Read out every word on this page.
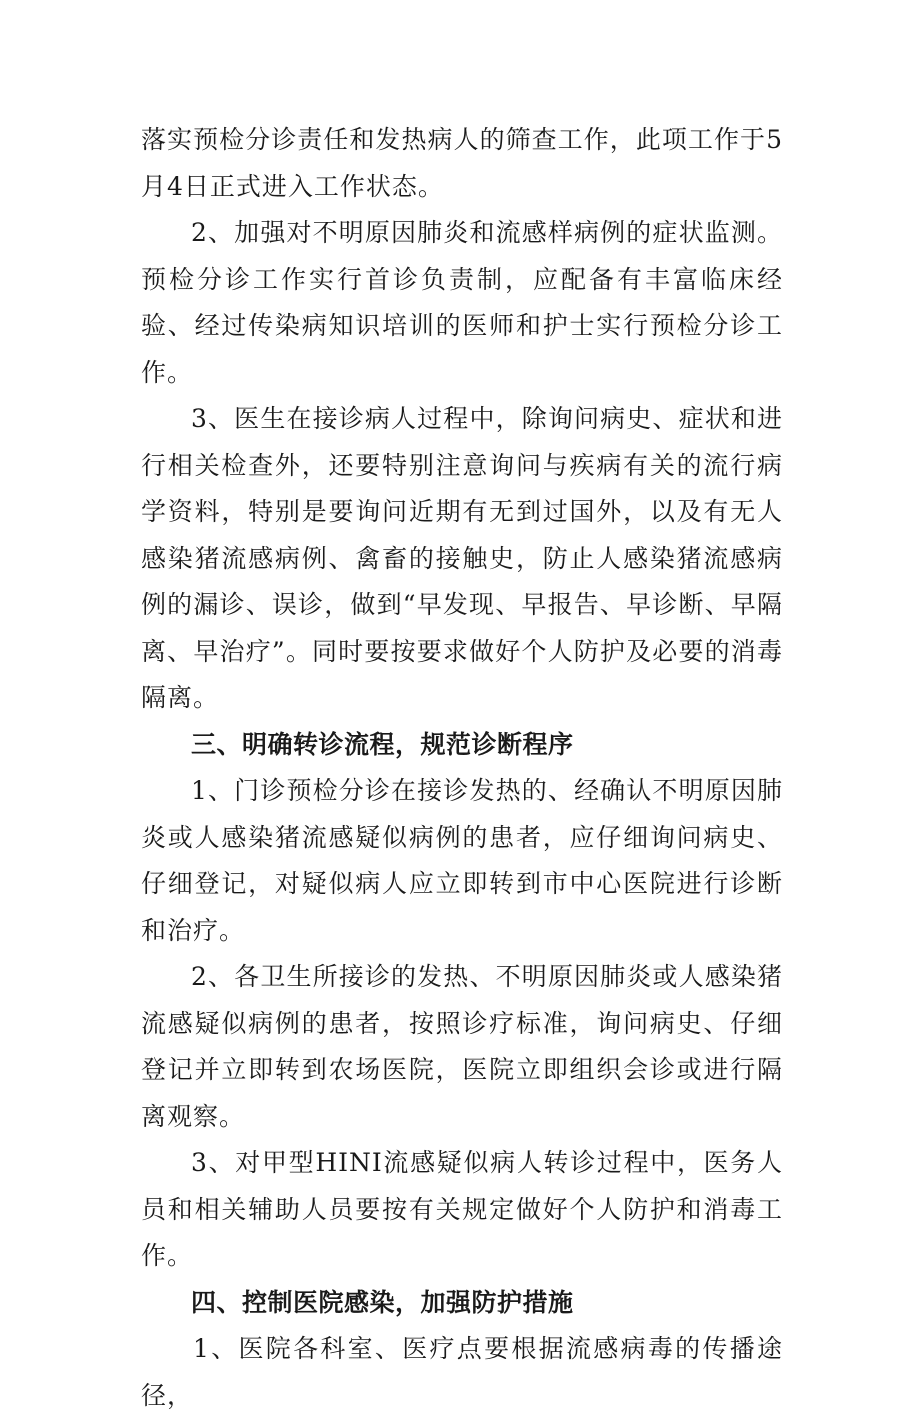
落实预检分诊责任和发热病人的筛查工作，此项工作于5月4日正式进入工作状态。

2、加强对不明原因肺炎和流感样病例的症状监测。预检分诊工作实行首诊负责制，应配备有丰富临床经验、经过传染病知识培训的医师和护士实行预检分诊工作。

3、医生在接诊病人过程中，除询问病史、症状和进行相关检查外，还要特别注意询问与疾病有关的流行病学资料，特别是要询问近期有无到过国外，以及有无人感染猪流感病例、禽畜的接触史，防止人感染猪流感病例的漏诊、误诊，做到“早发现、早报告、早诊断、早隔离、早治疗”。同时要按要求做好个人防护及必要的消毒隔离。

三、明确转诊流程，规范诊断程序

1、门诊预检分诊在接诊发热的、经确认不明原因肺炎或人感染猪流感疑似病例的患者，应仔细询问病史、仔细登记，对疑似病人应立即转到市中心医院进行诊断和治疗。

2、各卫生所接诊的发热、不明原因肺炎或人感染猪流感疑似病例的患者，按照诊疗标准，询问病史、仔细登记并立即转到农场医院，医院立即组织会诊或进行隔离观察。

3、对甲型HINI流感疑似病人转诊过程中，医务人员和相关辅助人员要按有关规定做好个人防护和消毒工作。

四、控制医院感染，加强防护措施

1、医院各科室、医疗点要根据流感病毒的传播途径，
